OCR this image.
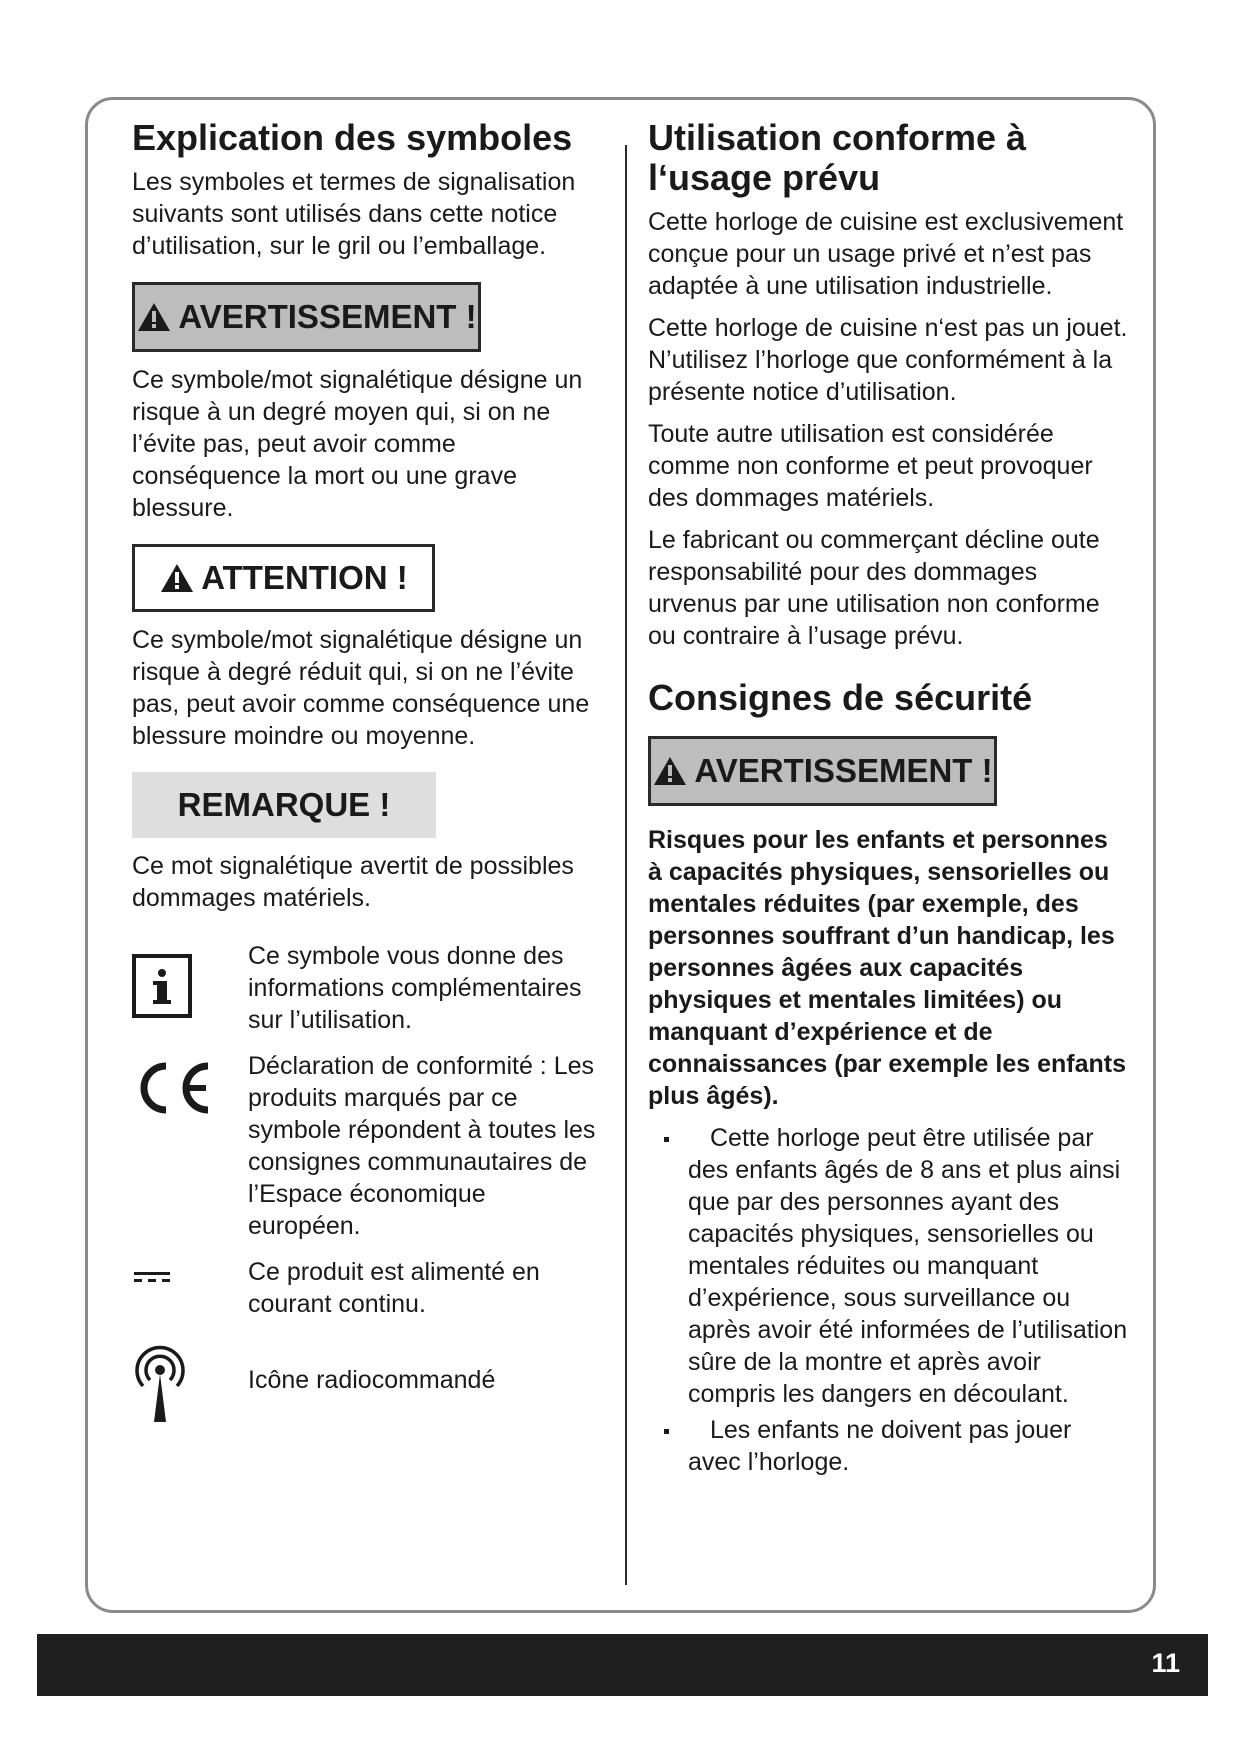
Explication des symboles

Les symboles et termes de signalisation suivants sont utilisés dans cette notice d’utilisation, sur le gril ou l’emballage.

AVERTISSEMENT !

Ce symbole/mot signalétique désigne un risque à un degré moyen qui, si on ne l’évite pas, peut avoir comme conséquence la mort ou une grave blessure.

ATTENTION !

Ce symbole/mot signalétique désigne un risque à degré réduit qui, si on ne l’évite pas, peut avoir comme conséquence une blessure moindre ou moyenne.

REMARQUE !

Ce mot signalétique avertit de possibles dommages matériels.

Ce symbole vous donne des informations complémentaires sur l’utilisation.

Déclaration de conformité : Les produits marqués par ce symbole répondent à toutes les consignes communautaires de l’Espace économique européen.

Ce produit est alimenté en courant continu.

Icône radiocommandé

Utilisation conforme à l‘usage prévu

Cette horloge de cuisine est exclusivement conçue pour un usage privé et n’est pas adaptée à une utilisation industrielle.

Cette horloge de cuisine n‘est pas un jouet. N’utilisez l’horloge que conformément à la présente notice d’utilisation.

Toute autre utilisation est considérée comme non conforme et peut provoquer des dommages matériels.

Le fabricant ou commerçant décline oute responsabilité pour des dommages urvenus par une utilisation non conforme ou contraire à l’usage prévu.

Consignes de sécurité
AVERTISSEMENT !

Risques pour les enfants et personnes à capacités physiques, sensorielles ou mentales réduites (par exemple, des personnes souffrant d’un handicap, les personnes âgées aux capacités physiques et mentales limitées) ou manquant d’expérience et de connaissances (par exemple les enfants plus âgés).

Cette horloge peut être utilisée par des enfants âgés de 8 ans et plus ainsi que par des personnes ayant des capacités physiques, sensorielles ou mentales réduites ou manquant d’expérience, sous surveillance ou après avoir été informées de l’utilisation sûre de la montre et après avoir compris les dangers en découlant.
Les enfants ne doivent pas jouer avec l’horloge.
11
